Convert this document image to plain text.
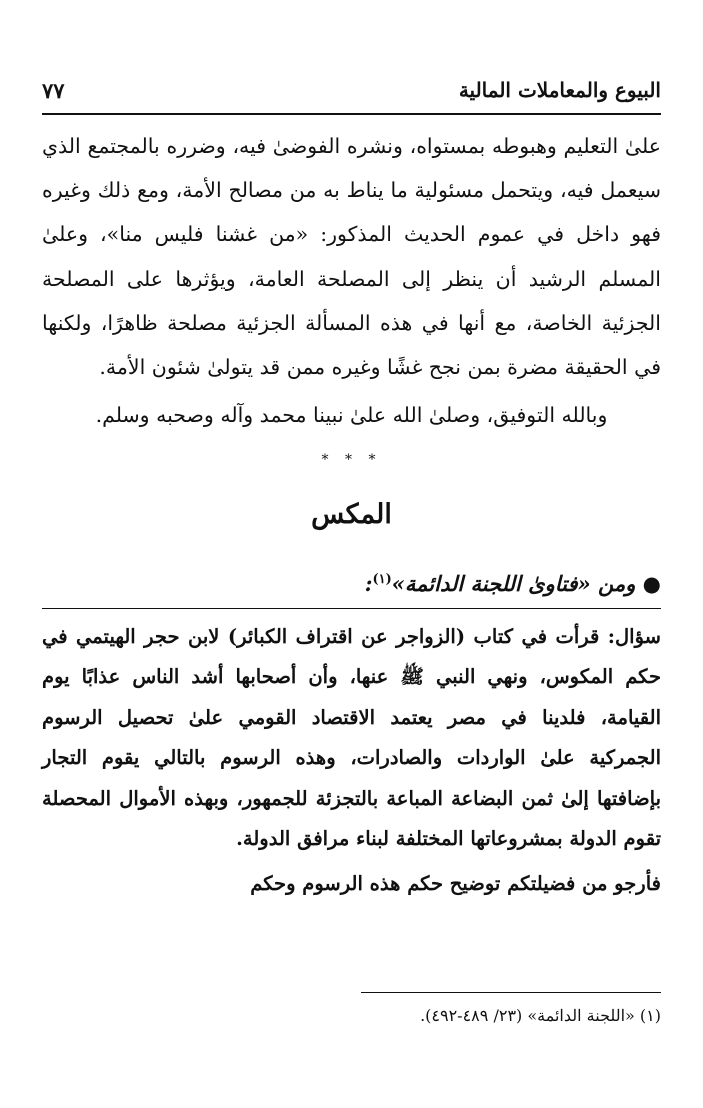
البيوع والمعاملات المالية
٧٧

علىٰ التعليم وهبوطه بمستواه، ونشره الفوضىٰ فيه، وضرره بالمجتمع الذي سيعمل فيه، ويتحمل مسئولية ما يناط به من مصالح الأمة، ومع ذلك وغيره فهو داخل في عموم الحديث المذكور: «من غشنا فليس منا»، وعلىٰ المسلم الرشيد أن ينظر إلى المصلحة العامة، ويؤثرها على المصلحة الجزئية الخاصة، مع أنها في هذه المسألة الجزئية مصلحة ظاهرًا، ولكنها في الحقيقة مضرة بمن نجح غشًا وغيره ممن قد يتولىٰ شئون الأمة.

وبالله التوفيق، وصلىٰ الله علىٰ نبينا محمد وآله وصحبه وسلم.

* * *
المكس
● ومن «فتاوىٰ اللجنة الدائمة»$^{(١)}$:

سؤال: قرأت في كتاب (الزواجر عن اقتراف الكبائر) لابن حجر الهيتمي في حكم المكوس، ونهي النبي ﷺ عنها، وأن أصحابها أشد الناس عذابًا يوم القيامة، فلدينا في مصر يعتمد الاقتصاد القومي علىٰ تحصيل الرسوم الجمركية علىٰ الواردات والصادرات، وهذه الرسوم بالتالي يقوم التجار بإضافتها إلىٰ ثمن البضاعة المباعة بالتجزئة للجمهور، وبهذه الأموال المحصلة تقوم الدولة بمشروعاتها المختلفة لبناء مرافق الدولة.

فأرجو من فضيلتكم توضيح حكم هذه الرسوم وحكم

(١) «اللجنة الدائمة» (٢٣/ ٤٨٩-٤٩٢).
